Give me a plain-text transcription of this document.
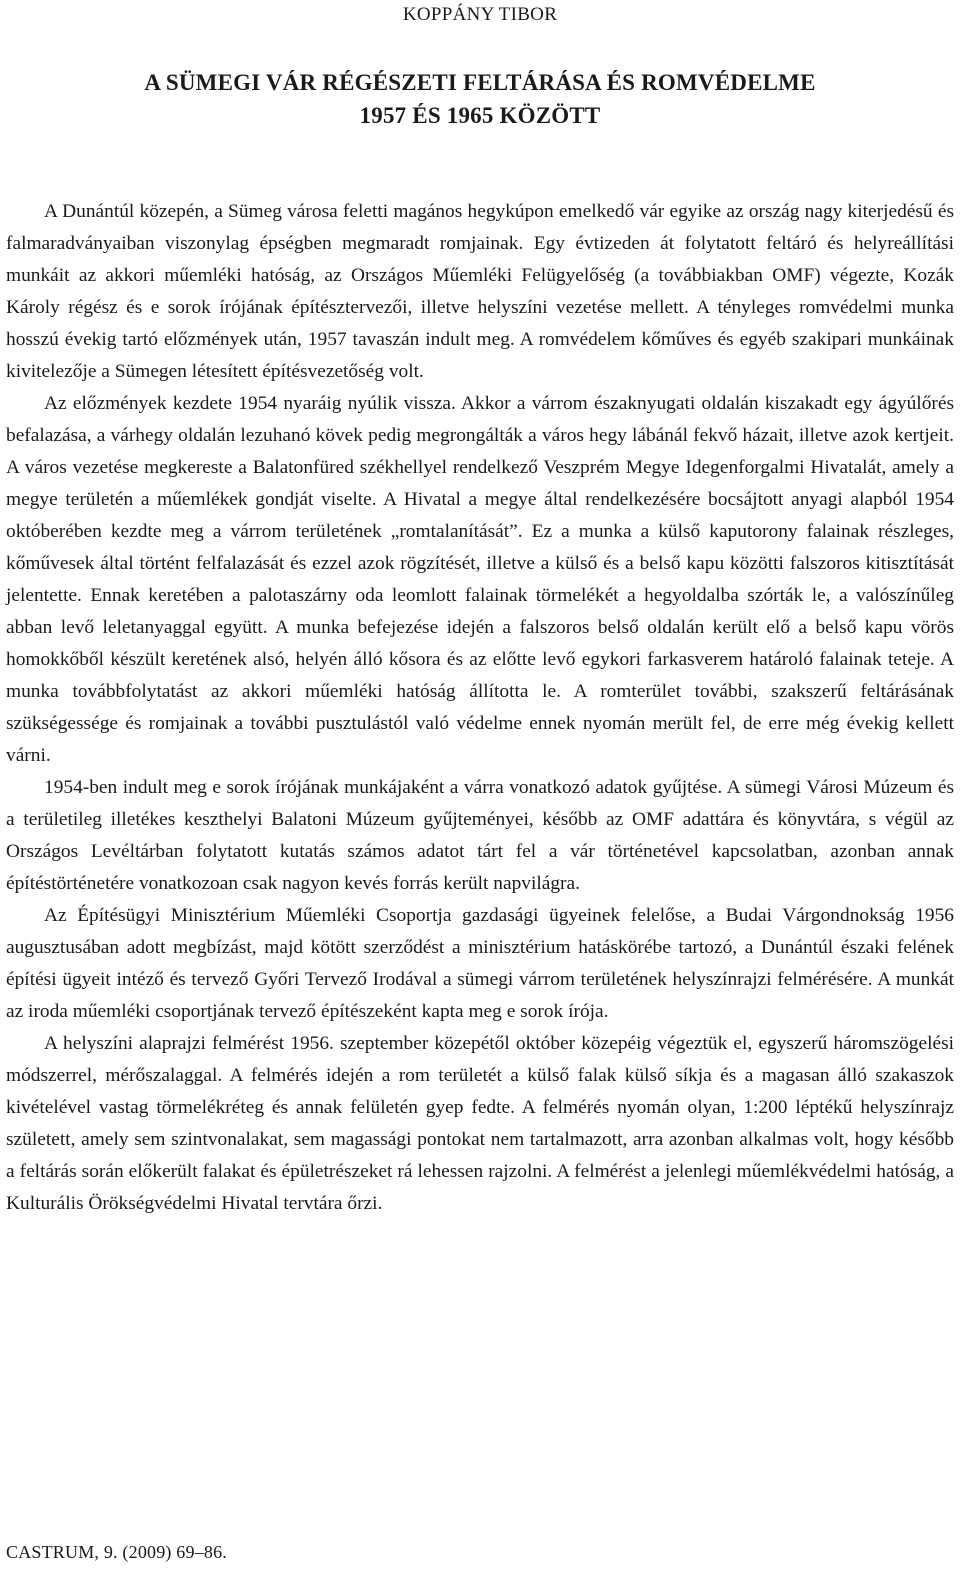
KOPPÁNY TIBOR
A SÜMEGI VÁR RÉGÉSZETI FELTÁRÁSA ÉS ROMVÉDELME
1957 ÉS 1965 KÖZÖTT

A Dunántúl közepén, a Sümeg városa feletti magános hegykúpon emelkedő vár egyike az ország nagy kiterjedésű és falmaradványaiban viszonylag épségben megmaradt romjainak. Egy évtizeden át folytatott feltáró és helyreállítási munkáit az akkori műemléki hatóság, az Országos Műemléki Felügyelőség (a továbbiakban OMF) végezte, Kozák Károly régész és e sorok írójának építésztervezői, illetve helyszíni vezetése mellett. A tényleges romvédelmi munka hosszú évekig tartó előzmények után, 1957 tavaszán indult meg. A romvédelem kőműves és egyéb szakipari munkáinak kivitelezője a Sümegen létesített építésvezetőség volt.

Az előzmények kezdete 1954 nyaráig nyúlik vissza. Akkor a várrom északnyugati oldalán kiszakadt egy ágyúlőrés befalazása, a várhegy oldalán lezuhanó kövek pedig megrongálták a város hegy lábánál fekvő házait, illetve azok kertjeit. A város vezetése megkereste a Balatonfüred székhellyel rendelkező Veszprém Megye Idegenforgalmi Hivatalát, amely a megye területén a műemlékek gondját viselte. A Hivatal a megye által rendelkezésére bocsájtott anyagi alapból 1954 októberében kezdte meg a várrom területének „romtalanítását”. Ez a munka a külső kaputorony falainak részleges, kőművesek által történt felfalazását és ezzel azok rögzítését, illetve a külső és a belső kapu közötti falszoros kitisztítását jelentette. Ennak keretében a palotaszárny oda leomlott falainak törmelékét a hegyoldalba szórták le, a valószínűleg abban levő leletanyaggal együtt. A munka befejezése idején a falszoros belső oldalán került elő a belső kapu vörös homokkőből készült keretének alsó, helyén álló kősora és az előtte levő egykori farkasverem határoló falainak teteje. A munka továbbfolytatást az akkori műemléki hatóság állította le. A romterület további, szakszerű feltárásának szükségessége és romjainak a további pusztulástól való védelme ennek nyomán merült fel, de erre még évekig kellett várni.

1954-ben indult meg e sorok írójának munkájaként a várra vonatkozó adatok gyűjtése. A sümegi Városi Múzeum és a területileg illetékes keszthelyi Balatoni Múzeum gyűjteményei, később az OMF adattára és könyvtára, s végül az Országos Levéltárban folytatott kutatás számos adatot tárt fel a vár történetével kapcsolatban, azonban annak építéstörténetére vonatkozoan csak nagyon kevés forrás került napvilágra.

Az Építésügyi Minisztérium Műemléki Csoportja gazdasági ügyeinek felelőse, a Budai Várgondnokság 1956 augusztusában adott megbízást, majd kötött szerződést a minisztérium hatáskörébe tartozó, a Dunántúl északi felének építési ügyeit intéző és tervező Győri Tervező Irodával a sümegi várrom területének helyszínrajzi felmérésére. A munkát az iroda műemléki csoportjának tervező építészeként kapta meg e sorok írója.

A helyszíni alaprajzi felmérést 1956. szeptember közepétől október közepéig végeztük el, egyszerű háromszögelési módszerrel, mérőszalaggal. A felmérés idején a rom területét a külső falak külső síkja és a magasan álló szakaszok kivételével vastag törmelékréteg és annak felületén gyep fedte. A felmérés nyomán olyan, 1:200 léptékű helyszínrajz született, amely sem szintvonalakat, sem magassági pontokat nem tartalmazott, arra azonban alkalmas volt, hogy később a feltárás során előkerült falakat és épületrészeket rá lehessen rajzolni. A felmérést a jelenlegi műemlékvédelmi hatóság, a Kulturális Örökségvédelmi Hivatal tervtára őrzi.

CASTRUM, 9. (2009) 69–86.
